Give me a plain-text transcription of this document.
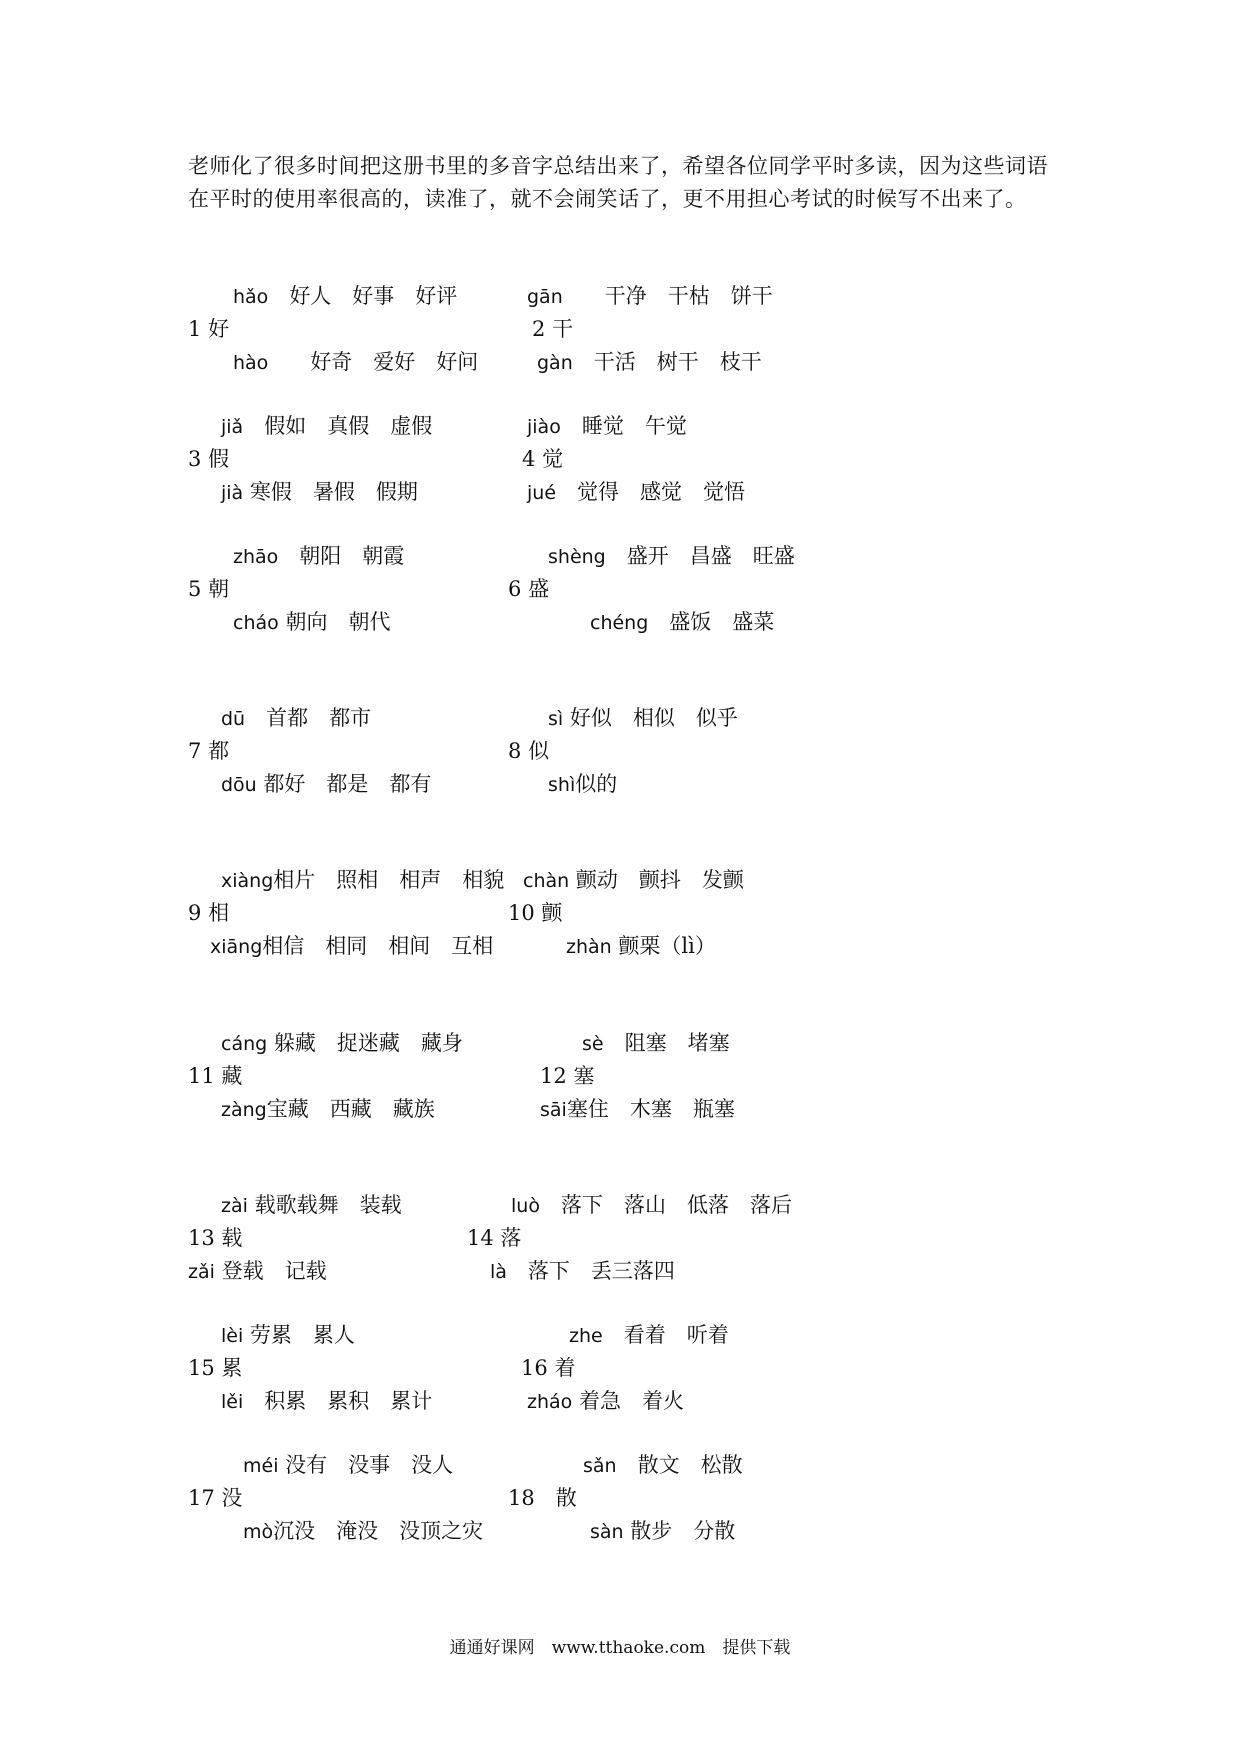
老师化了很多时间把这册书里的多音字总结出来了，希望各位同学平时多读，因为这些词语

在平时的使用率很高的，读准了，就不会闹笑话了，更不用担心考试的时候写不出来了。

hǎo　 好人　好事　好评
1 好
hào　　 好奇　爱好　好问
gān　　 干净　干枯　饼干
2 干
gàn　 干活　树干　枝干
jiǎ　 假如　真假　虚假
3 假
jià 寒假　暑假　假期
jiào　 睡觉　午觉
4 觉
jué　 觉得　感觉　觉悟
zhāo　 朝阳　朝霞
5 朝
cháo 朝向　朝代
shèng　 盛开　昌盛　旺盛
6 盛
chéng　 盛饭　盛菜
dū　 首都　都市
7 都
dōu 都好　都是　都有
sì 好似　相似　似乎
8 似
shì似的
xiàng相片　照相　相声　相貌
9 相
xiāng相信　相同　相间　互相
chàn 颤动　颤抖　发颤
10 颤
zhàn 颤栗（lì）
cáng 躲藏　捉迷藏　藏身
11 藏
zàng宝藏　西藏　藏族
sè　 阻塞　堵塞
12 塞
sāi塞住　木塞　瓶塞
zài 载歌载舞　装载
13 载
zǎi 登载　记载
luò　 落下　落山　低落　落后
14 落
là　 落下　丢三落四
lèi 劳累　累人
15 累
lěi　 积累　累积　累计
zhe　 看着　听着
16 着
zháo 着急　着火
méi 没有　没事　没人
17 没
mò沉没　淹没　没顶之灾
sǎn　 散文　松散
18　 散
sàn 散步　分散
通通好课网　www.tthaoke.com　提供下载
